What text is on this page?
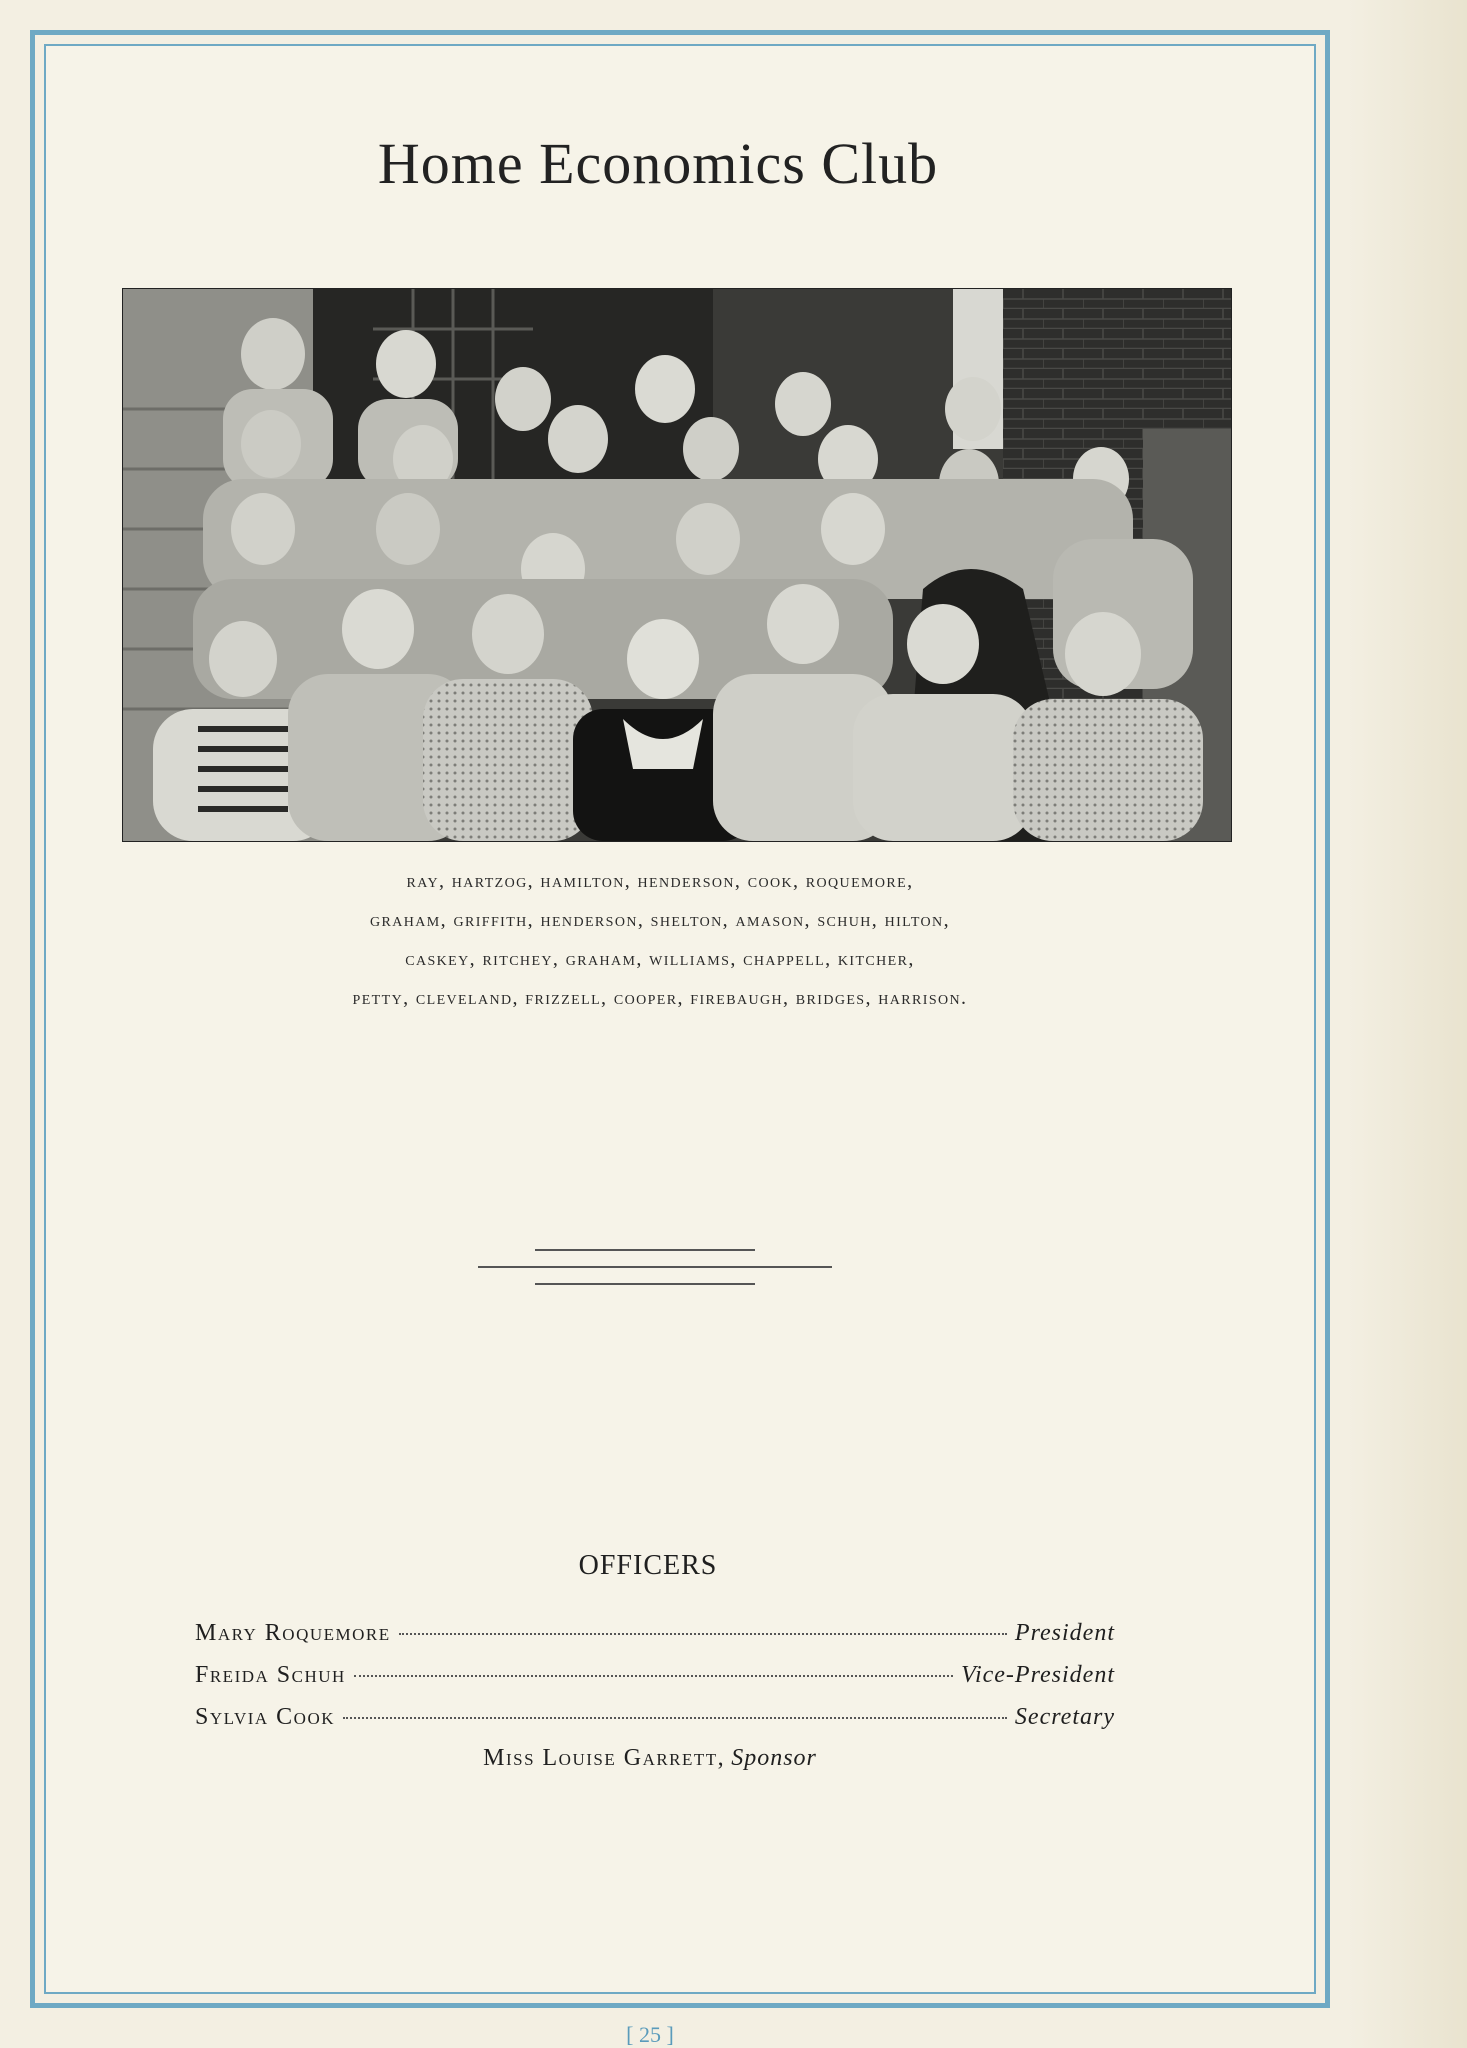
Home Economics Club
ray, hartzog, hamilton, henderson, cook, roquemore,
graham, griffith, henderson, shelton, amason, schuh, hilton,
caskey, ritchey, graham, williams, chappell, kitcher,
petty, cleveland, frizzell, cooper, firebaugh, bridges, harrison.
OFFICERS
Mary Roquemore	President
Freida Schuh	Vice-President
Sylvia Cook	Secretary
Miss Louise Garrett, Sponsor
[ 25 ]
